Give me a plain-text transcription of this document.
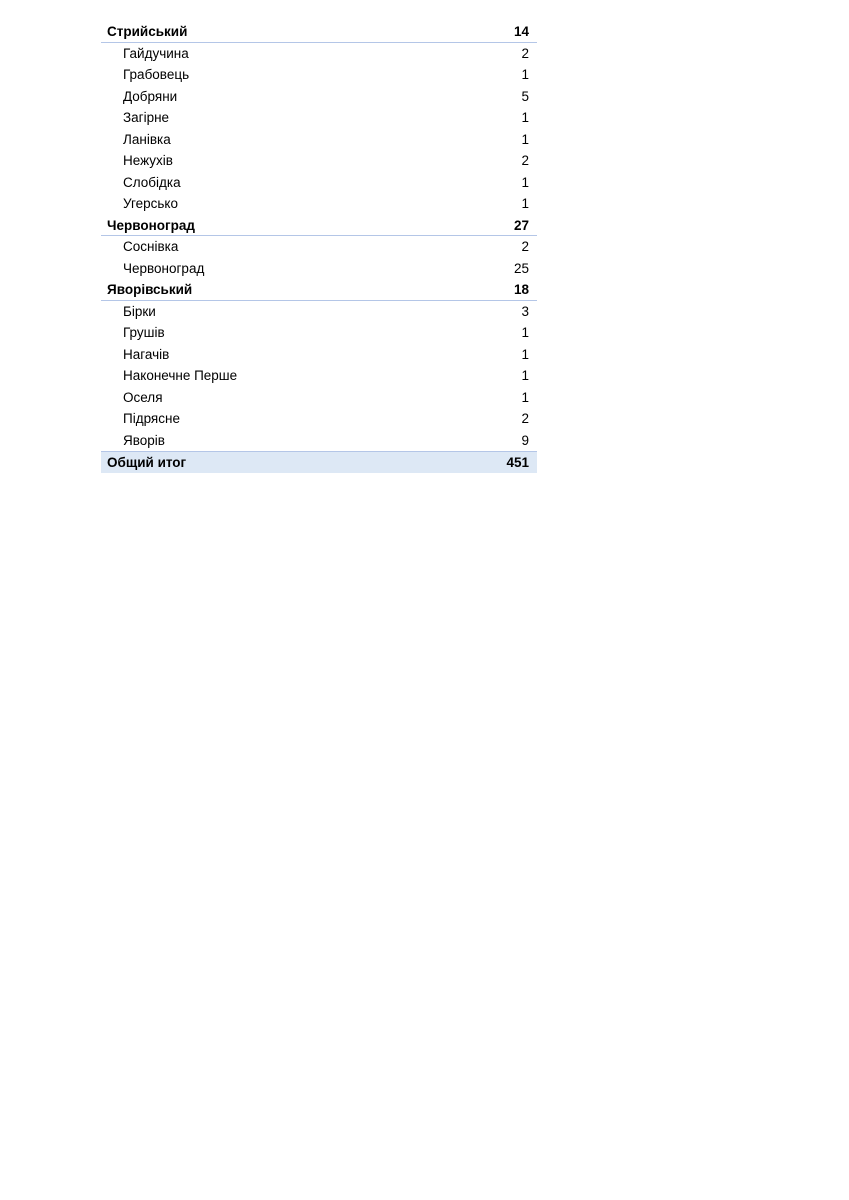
Стрийський	14
Гайдучина	2
Грабовець	1
Добряни	5
Загірне	1
Ланівка	1
Нежухів	2
Слобідка	1
Угерсько	1
Червоноград	27
Соснівка	2
Червоноград	25
Яворівський	18
Бірки	3
Грушів	1
Нагачів	1
Наконечне Перше	1
Оселя	1
Підрясне	2
Яворів	9
Общий итог	451
